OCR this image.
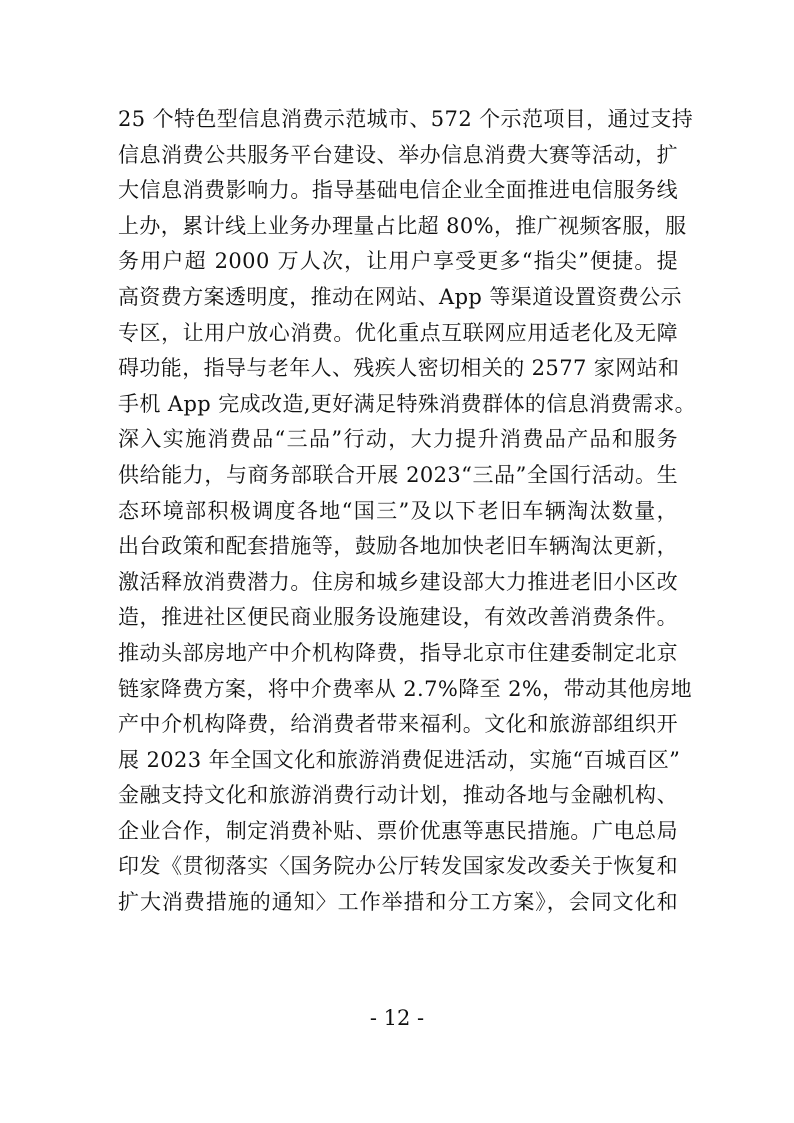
25 个特色型信息消费示范城市、572 个示范项目，通过支持
信息消费公共服务平台建设、举办信息消费大赛等活动，扩
大信息消费影响力。指导基础电信企业全面推进电信服务线
上办，累计线上业务办理量占比超 80%，推广视频客服，服
务用户超 2000 万人次，让用户享受更多“指尖”便捷。提
高资费方案透明度，推动在网站、App 等渠道设置资费公示
专区，让用户放心消费。优化重点互联网应用适老化及无障
碍功能，指导与老年人、残疾人密切相关的 2577 家网站和
手机 App 完成改造,更好满足特殊消费群体的信息消费需求。
深入实施消费品“三品”行动，大力提升消费品产品和服务
供给能力，与商务部联合开展 2023“三品”全国行活动。生
态环境部积极调度各地“国三”及以下老旧车辆淘汰数量，
出台政策和配套措施等，鼓励各地加快老旧车辆淘汰更新，
激活释放消费潜力。住房和城乡建设部大力推进老旧小区改
造，推进社区便民商业服务设施建设，有效改善消费条件。
推动头部房地产中介机构降费，指导北京市住建委制定北京
链家降费方案，将中介费率从 2.7%降至 2%，带动其他房地
产中介机构降费，给消费者带来福利。文化和旅游部组织开
展 2023 年全国文化和旅游消费促进活动，实施“百城百区”
金融支持文化和旅游消费行动计划，推动各地与金融机构、
企业合作，制定消费补贴、票价优惠等惠民措施。广电总局
印发《贯彻落实〈国务院办公厅转发国家发改委关于恢复和
扩大消费措施的通知〉工作举措和分工方案》，会同文化和
- 12 -
